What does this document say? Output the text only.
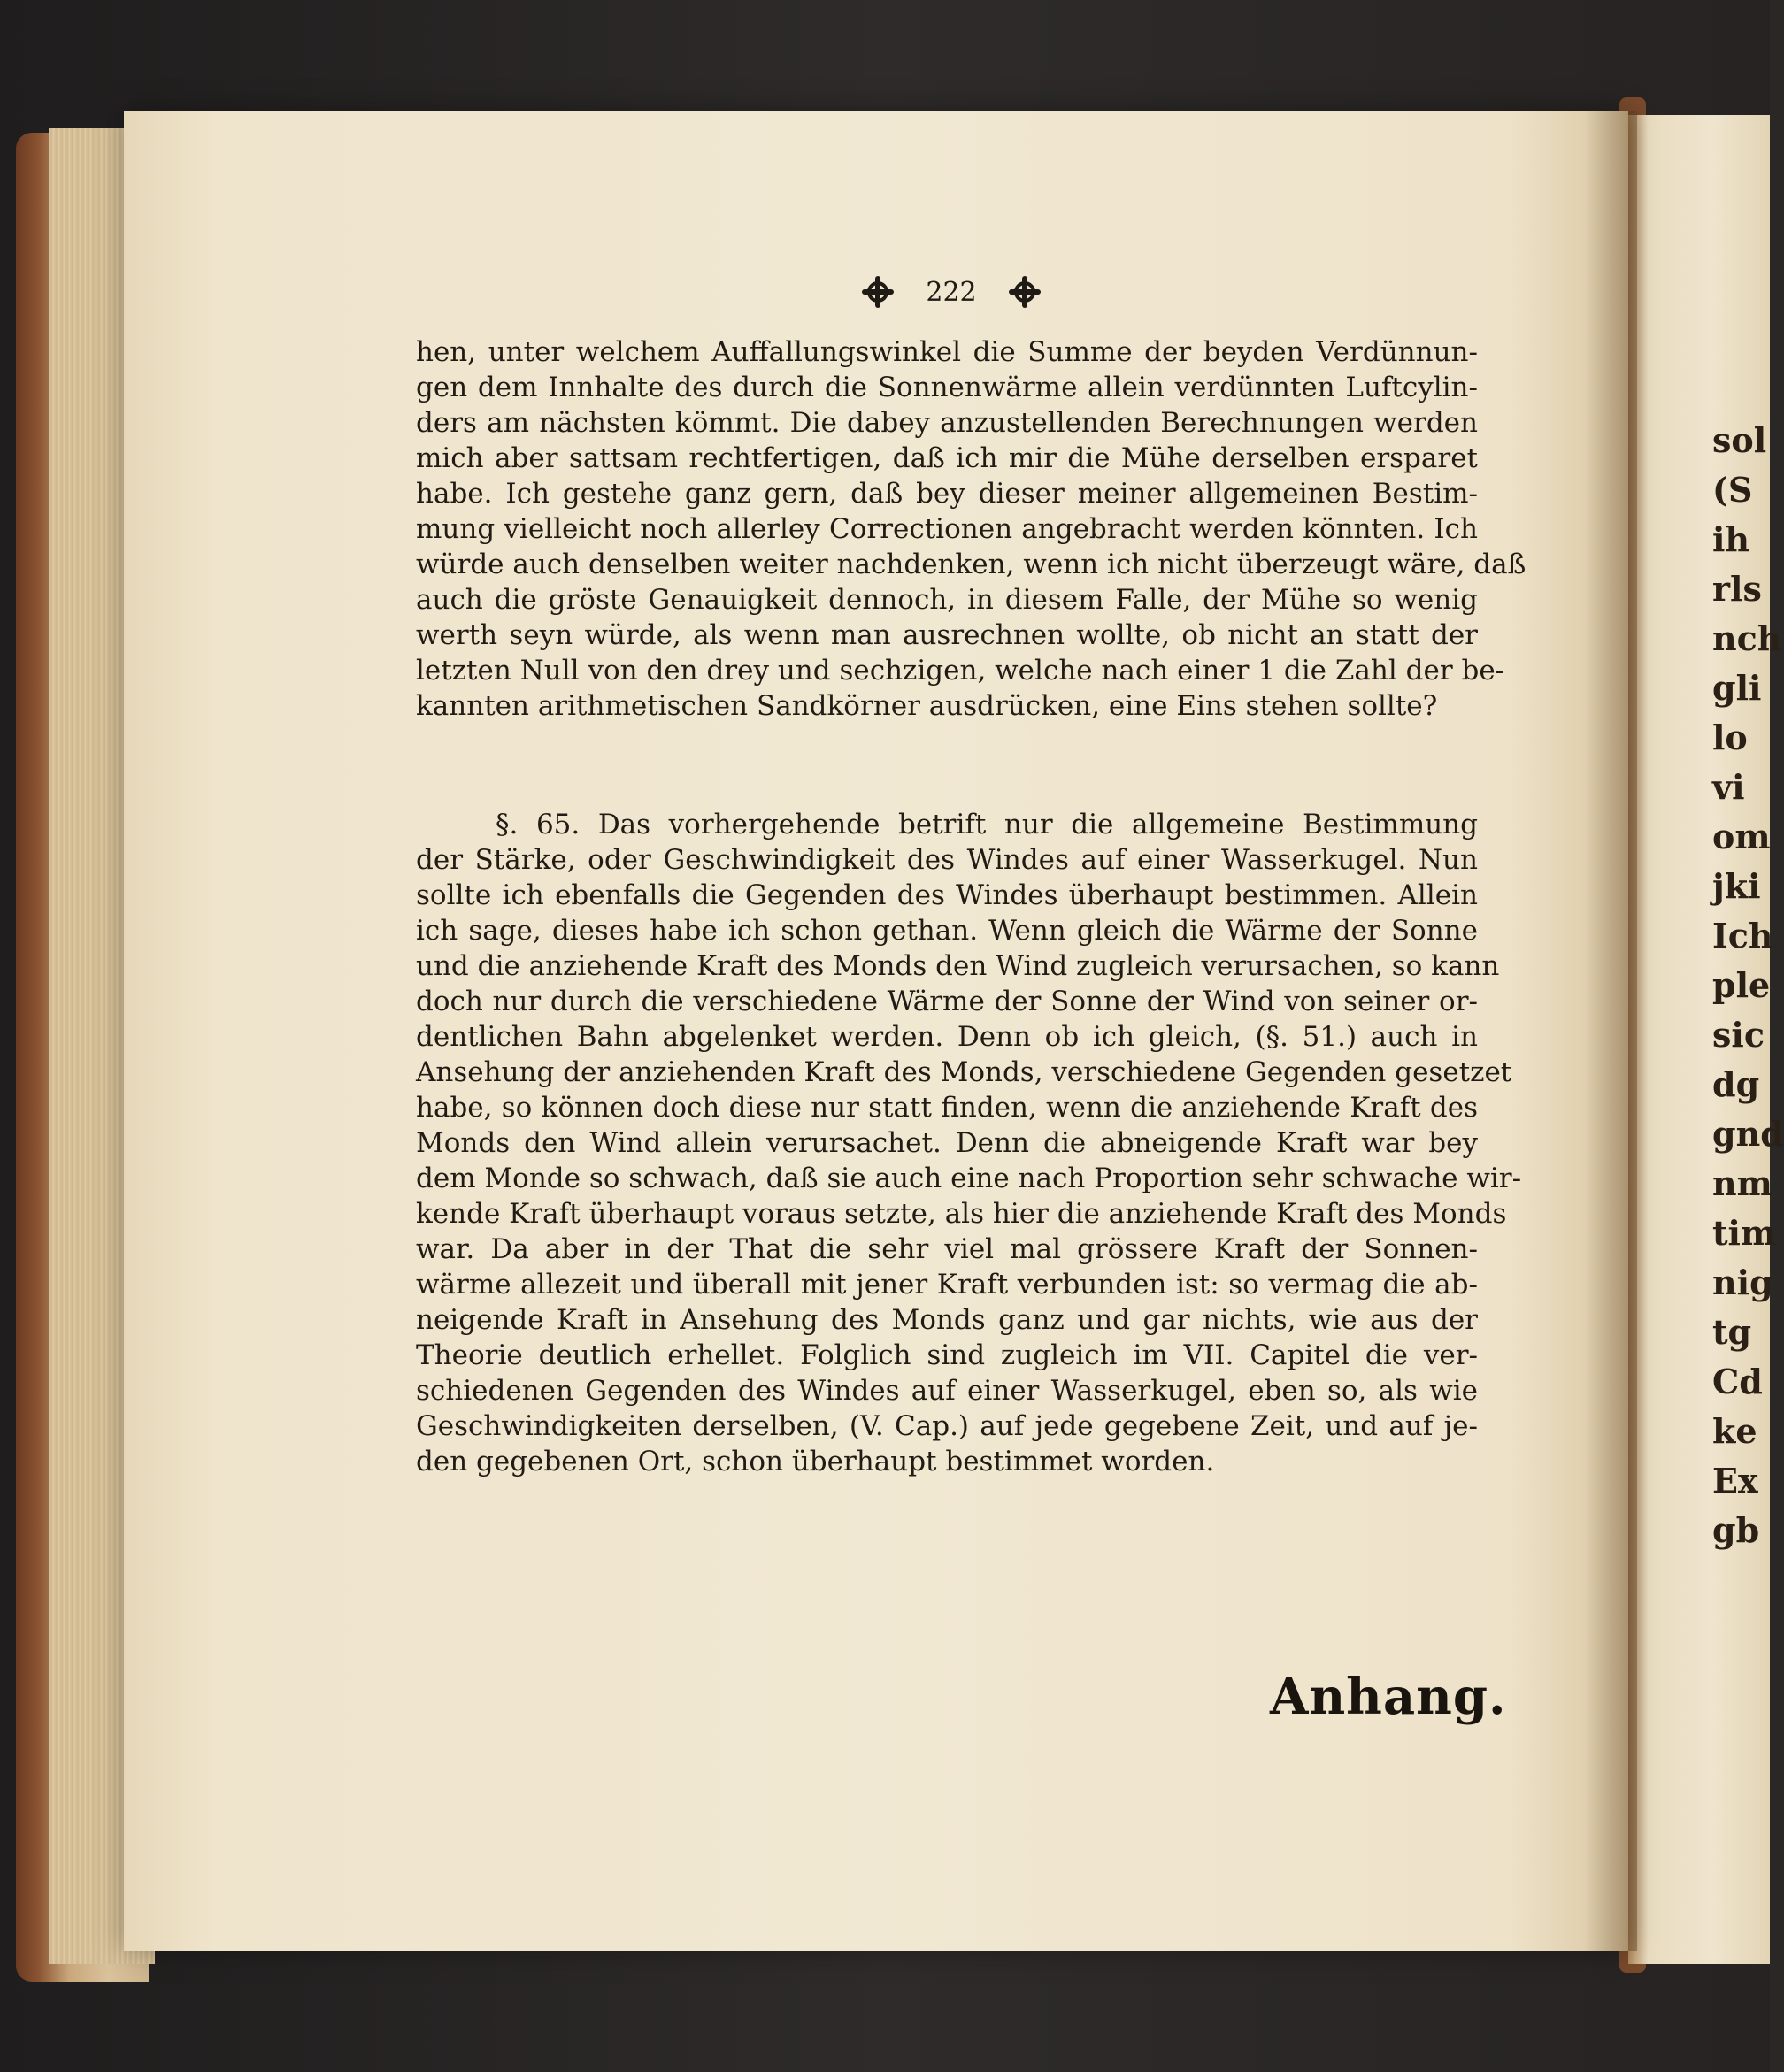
sol
(S
ih
rls
nch
gli
lo
vi
om
jki
Ich
ple
sic
dg
gnd
nm
tim
nig
tg
Cd
ke
Ex
gb
222
hen, unter welchem Auffallungswinkel die Summe der beyden Verdünnun-
gen dem Innhalte des durch die Sonnenwärme allein verdünnten Luftcylin-
ders am nächsten kömmt. Die dabey anzustellenden Berechnungen werden
mich aber sattsam rechtfertigen, daß ich mir die Mühe derselben ersparet
habe. Ich gestehe ganz gern, daß bey dieser meiner allgemeinen Bestim-
mung vielleicht noch allerley Correctionen angebracht werden könnten. Ich
würde auch denselben weiter nachdenken, wenn ich nicht überzeugt wäre, daß
auch die gröste Genauigkeit dennoch, in diesem Falle, der Mühe so wenig
werth seyn würde, als wenn man ausrechnen wollte, ob nicht an statt der
letzten Null von den drey und sechzigen, welche nach einer 1 die Zahl der be-
kannten arithmetischen Sandkörner ausdrücken, eine Eins stehen sollte?
§. 65. Das vorhergehende betrift nur die allgemeine Bestimmung
der Stärke, oder Geschwindigkeit des Windes auf einer Wasserkugel. Nun
sollte ich ebenfalls die Gegenden des Windes überhaupt bestimmen. Allein
ich sage, dieses habe ich schon gethan. Wenn gleich die Wärme der Sonne
und die anziehende Kraft des Monds den Wind zugleich verursachen, so kann
doch nur durch die verschiedene Wärme der Sonne der Wind von seiner or-
dentlichen Bahn abgelenket werden. Denn ob ich gleich, (§. 51.) auch in
Ansehung der anziehenden Kraft des Monds, verschiedene Gegenden gesetzet
habe, so können doch diese nur statt finden, wenn die anziehende Kraft des
Monds den Wind allein verursachet. Denn die abneigende Kraft war bey
dem Monde so schwach, daß sie auch eine nach Proportion sehr schwache wir-
kende Kraft überhaupt voraus setzte, als hier die anziehende Kraft des Monds
war. Da aber in der That die sehr viel mal grössere Kraft der Sonnen-
wärme allezeit und überall mit jener Kraft verbunden ist: so vermag die ab-
neigende Kraft in Ansehung des Monds ganz und gar nichts, wie aus der
Theorie deutlich erhellet. Folglich sind zugleich im VII. Capitel die ver-
schiedenen Gegenden des Windes auf einer Wasserkugel, eben so, als wie
Geschwindigkeiten derselben, (V. Cap.) auf jede gegebene Zeit, und auf je-
den gegebenen Ort, schon überhaupt bestimmet worden.
Anhang.
